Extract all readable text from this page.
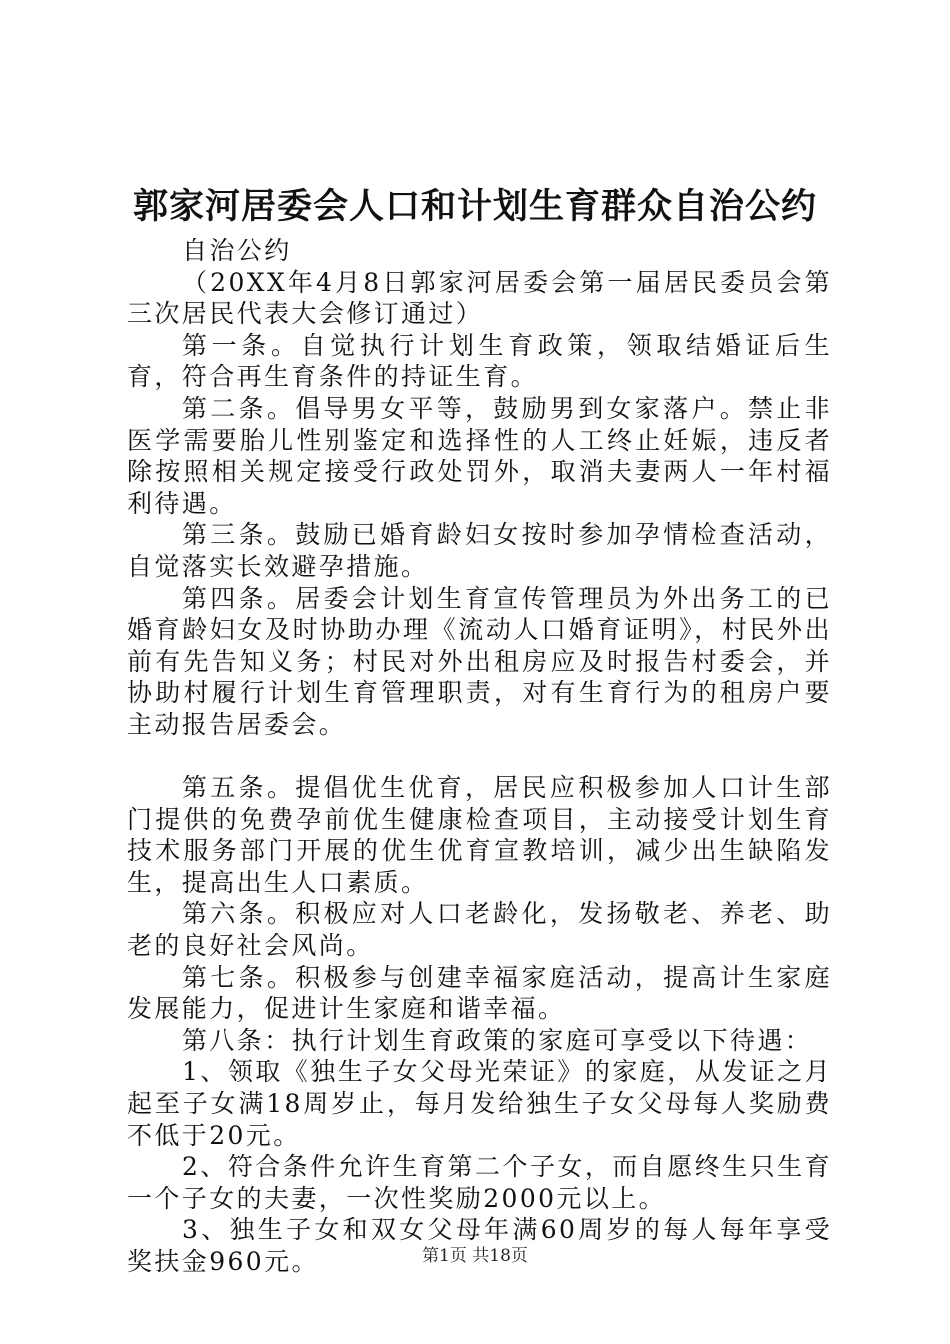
郭家河居委会人口和计划生育群众自治公约

自治公约

（20XX年4月8日郭家河居委会第一届居民委员会第三次居民代表大会修订通过）

第一条。自觉执行计划生育政策，领取结婚证后生育，符合再生育条件的持证生育。

第二条。倡导男女平等，鼓励男到女家落户。禁止非医学需要胎儿性别鉴定和选择性的人工终止妊娠，违反者除按照相关规定接受行政处罚外，取消夫妻两人一年村福利待遇。

第三条。鼓励已婚育龄妇女按时参加孕情检查活动，自觉落实长效避孕措施。

第四条。居委会计划生育宣传管理员为外出务工的已婚育龄妇女及时协助办理《流动人口婚育证明》，村民外出前有先告知义务；村民对外出租房应及时报告村委会，并协助村履行计划生育管理职责，对有生育行为的租房户要主动报告居委会。

第五条。提倡优生优育，居民应积极参加人口计生部门提供的免费孕前优生健康检查项目，主动接受计划生育技术服务部门开展的优生优育宣教培训，减少出生缺陷发生，提高出生人口素质。

第六条。积极应对人口老龄化，发扬敬老、养老、助老的良好社会风尚。

第七条。积极参与创建幸福家庭活动，提高计生家庭发展能力，促进计生家庭和谐幸福。

第八条：执行计划生育政策的家庭可享受以下待遇：

1、领取《独生子女父母光荣证》的家庭，从发证之月起至子女满18周岁止，每月发给独生子女父母每人奖励费不低于20元。

2、符合条件允许生育第二个子女，而自愿终生只生育一个子女的夫妻，一次性奖励2000元以上。

3、独生子女和双女父母年满60周岁的每人每年享受奖扶金960元。	第1页 共18页
